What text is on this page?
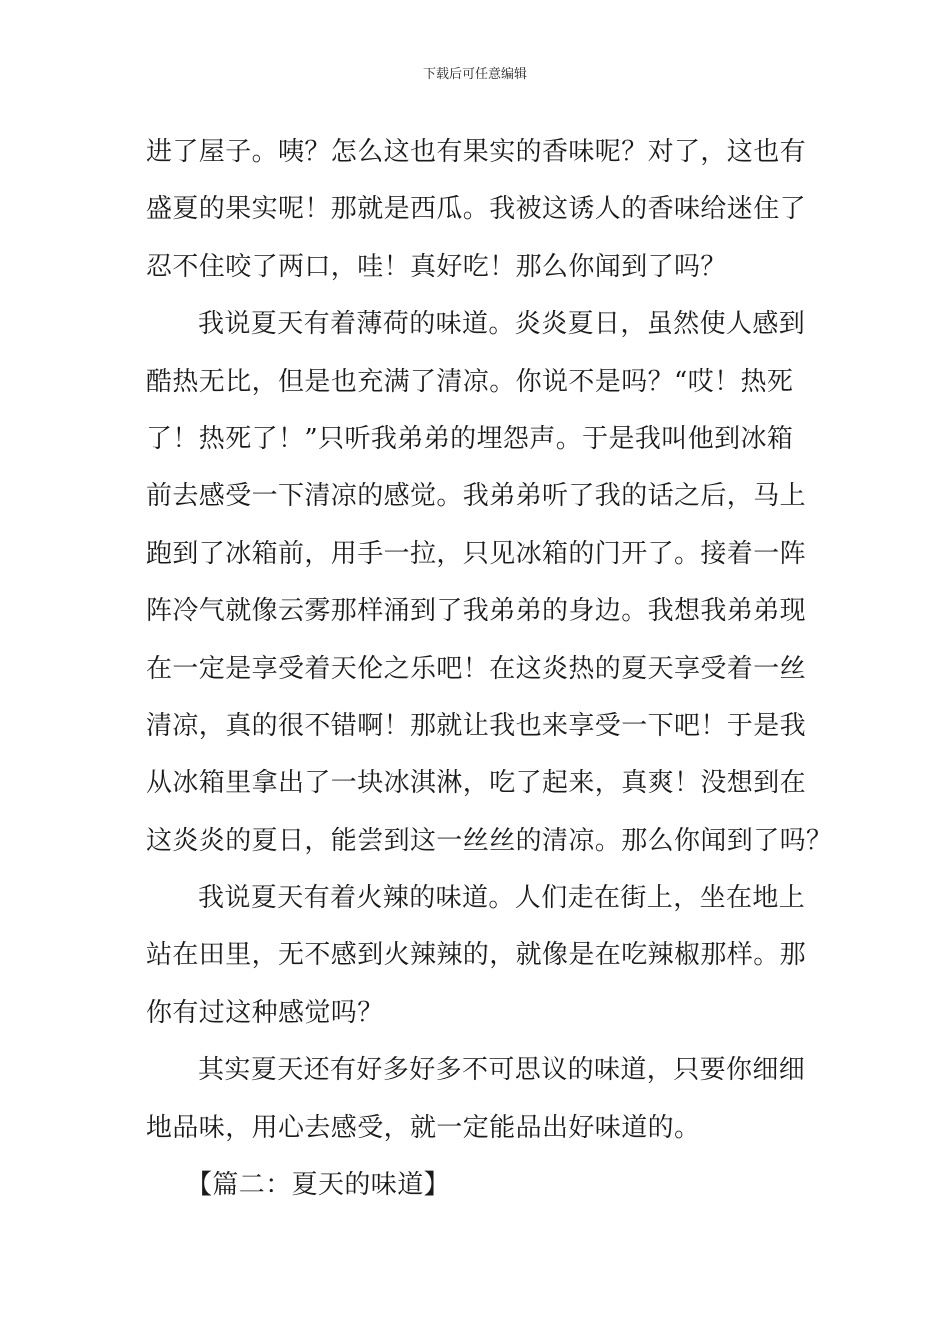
下载后可任意编辑
进了屋子。咦？怎么这也有果实的香味呢？对了，这也有
盛夏的果实呢！那就是西瓜。我被这诱人的香味给迷住了
忍不住咬了两口，哇！真好吃！那么你闻到了吗？
我说夏天有着薄荷的味道。炎炎夏日，虽然使人感到
酷热无比，但是也充满了清凉。你说不是吗？“哎！热死
了！热死了！”只听我弟弟的埋怨声。于是我叫他到冰箱
前去感受一下清凉的感觉。我弟弟听了我的话之后，马上
跑到了冰箱前，用手一拉，只见冰箱的门开了。接着一阵
阵冷气就像云雾那样涌到了我弟弟的身边。我想我弟弟现
在一定是享受着天伦之乐吧！在这炎热的夏天享受着一丝
清凉，真的很不错啊！那就让我也来享受一下吧！于是我
从冰箱里拿出了一块冰淇淋，吃了起来，真爽！没想到在
这炎炎的夏日，能尝到这一丝丝的清凉。那么你闻到了吗？
我说夏天有着火辣的味道。人们走在街上，坐在地上
站在田里，无不感到火辣辣的，就像是在吃辣椒那样。那
你有过这种感觉吗？
其实夏天还有好多好多不可思议的味道，只要你细细
地品味，用心去感受，就一定能品出好味道的。
【篇二：夏天的味道】
